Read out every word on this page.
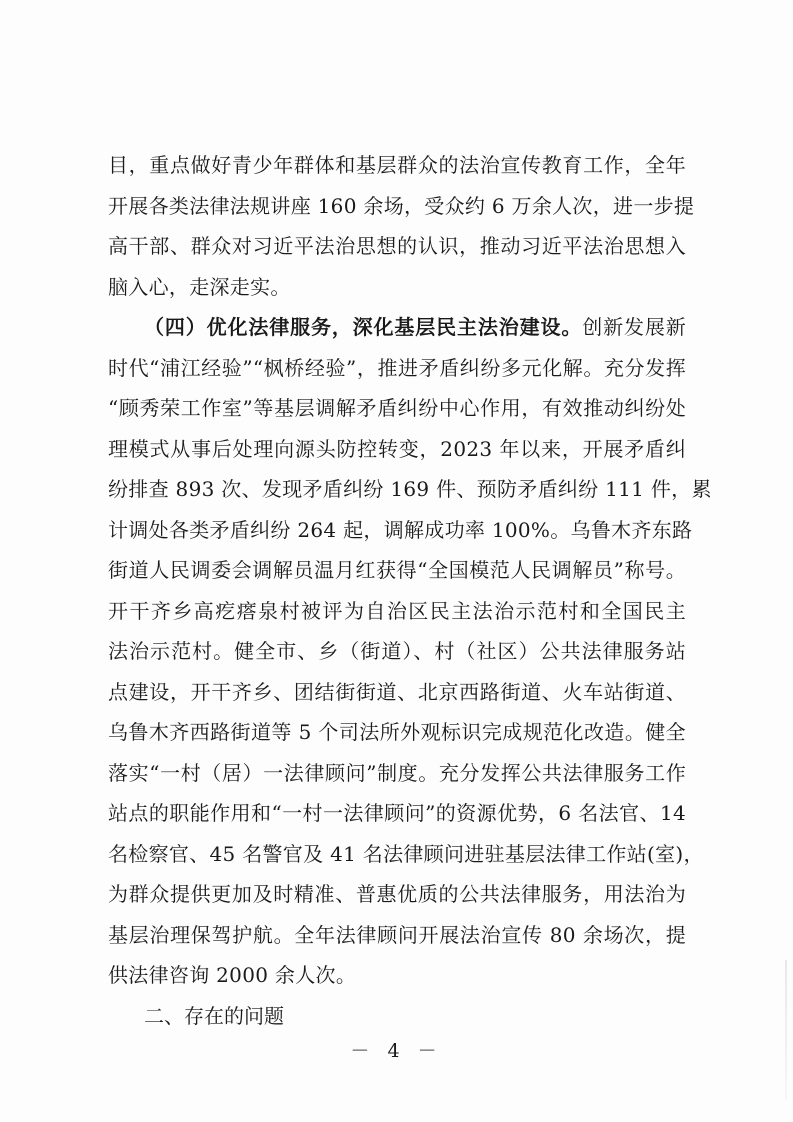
目，重点做好青少年群体和基层群众的法治宣传教育工作，全年
开展各类法律法规讲座 160 余场，受众约 6 万余人次，进一步提
高干部、群众对习近平法治思想的认识，推动习近平法治思想入
脑入心，走深走实。
（四）优化法律服务，深化基层民主法治建设。创新发展新
时代“浦江经验”“枫桥经验”，推进矛盾纠纷多元化解。充分发挥
“顾秀荣工作室”等基层调解矛盾纠纷中心作用，有效推动纠纷处
理模式从事后处理向源头防控转变，2023 年以来，开展矛盾纠
纷排查 893 次、发现矛盾纠纷 169 件、预防矛盾纠纷 111 件，累
计调处各类矛盾纠纷 264 起，调解成功率 100%。乌鲁木齐东路
街道人民调委会调解员温月红获得“全国模范人民调解员”称号。
开干齐乡高疙瘩泉村被评为自治区民主法治示范村和全国民主
法治示范村。健全市、乡（街道）、村（社区）公共法律服务站
点建设，开干齐乡、团结街街道、北京西路街道、火车站街道、
乌鲁木齐西路街道等 5 个司法所外观标识完成规范化改造。健全
落实“一村（居）一法律顾问”制度。充分发挥公共法律服务工作
站点的职能作用和“一村一法律顾问”的资源优势，6 名法官、14
名检察官、45 名警官及 41 名法律顾问进驻基层法律工作站(室)，
为群众提供更加及时精准、普惠优质的公共法律服务，用法治为
基层治理保驾护航。全年法律顾问开展法治宣传 80 余场次，提
供法律咨询 2000 余人次。
二、存在的问题
－ 4 －
